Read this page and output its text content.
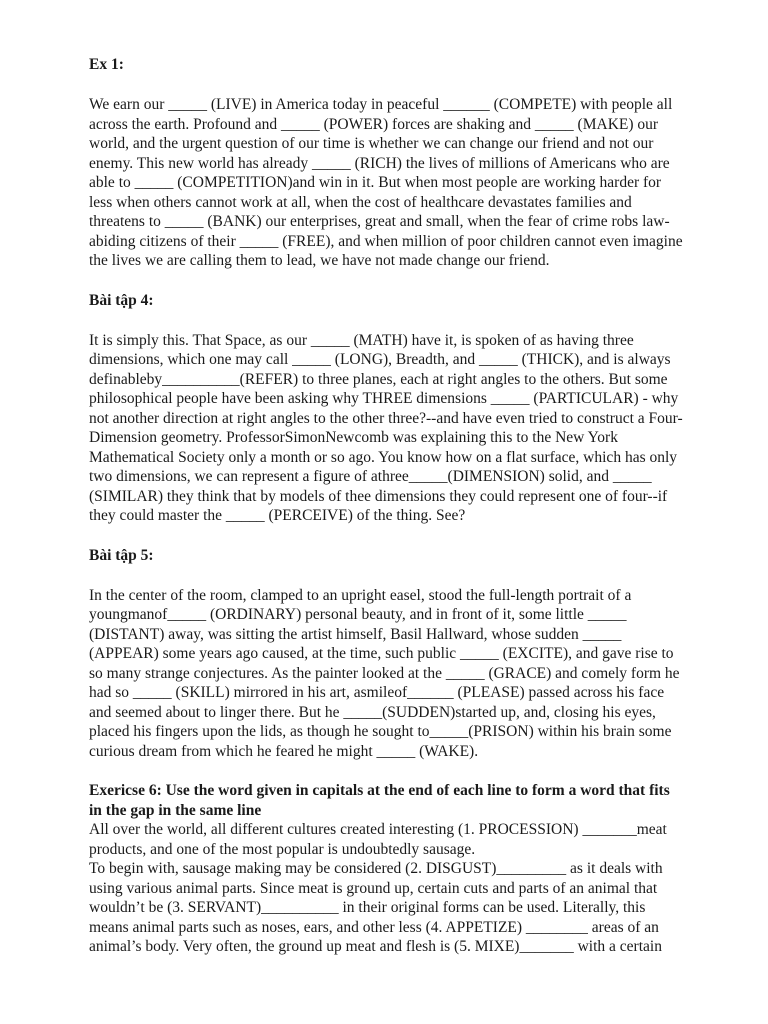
Ex 1:
We earn our _____ (LIVE) in America today in peaceful ______ (COMPETE) with people all
across the earth. Profound and _____ (POWER) forces are shaking and _____ (MAKE) our
world, and the urgent question of our time is whether we can change our friend and not our
enemy. This new world has already _____ (RICH) the lives of millions of Americans who are
able to _____ (COMPETITION)and win in it. But when most people are working harder for
less when others cannot work at all, when the cost of healthcare devastates families and
threatens to _____ (BANK) our enterprises, great and small, when the fear of crime robs law-
abiding citizens of their _____ (FREE), and when million of poor children cannot even imagine
the lives we are calling them to lead, we have not made change our friend.
Bài tập 4:
It is simply this. That Space, as our _____ (MATH) have it, is spoken of as having three
dimensions, which one may call _____ (LONG), Breadth, and _____ (THICK), and is always
definableby__________(REFER) to three planes, each at right angles to the others. But some
philosophical people have been asking why THREE dimensions _____ (PARTICULAR) - why
not another direction at right angles to the other three?--and have even tried to construct a Four-
Dimension geometry. ProfessorSimonNewcomb was explaining this to the New York
Mathematical Society only a month or so ago. You know how on a flat surface, which has only
two dimensions, we can represent a figure of athree_____(DIMENSION) solid, and _____
(SIMILAR) they think that by models of thee dimensions they could represent one of four--if
they could master the _____ (PERCEIVE) of the thing. See?
Bài tập 5:
In the center of the room, clamped to an upright easel, stood the full-length portrait of a
youngmanof_____ (ORDINARY) personal beauty, and in front of it, some little _____
(DISTANT) away, was sitting the artist himself, Basil Hallward, whose sudden _____
(APPEAR) some years ago caused, at the time, such public _____ (EXCITE), and gave rise to
so many strange conjectures. As the painter looked at the _____ (GRACE) and comely form he
had so _____ (SKILL) mirrored in his art, asmileof______ (PLEASE) passed across his face
and seemed about to linger there. But he _____(SUDDEN)started up, and, closing his eyes,
placed his fingers upon the lids, as though he sought to_____(PRISON) within his brain some
curious dream from which he feared he might _____ (WAKE).
Exericse 6: Use the word given in capitals at the end of each line to form a word that fits
in the gap in the same line
All over the world, all different cultures created interesting (1. PROCESSION) _______meat
products, and one of the most popular is undoubtedly sausage.
To begin with, sausage making may be considered (2. DISGUST)_________ as it deals with
using various animal parts. Since meat is ground up, certain cuts and parts of an animal that
wouldn’t be (3. SERVANT)__________ in their original forms can be used. Literally, this
means animal parts such as noses, ears, and other less (4. APPETIZE) ________ areas of an
animal’s body. Very often, the ground up meat and flesh is (5. MIXE)_______ with a certain
